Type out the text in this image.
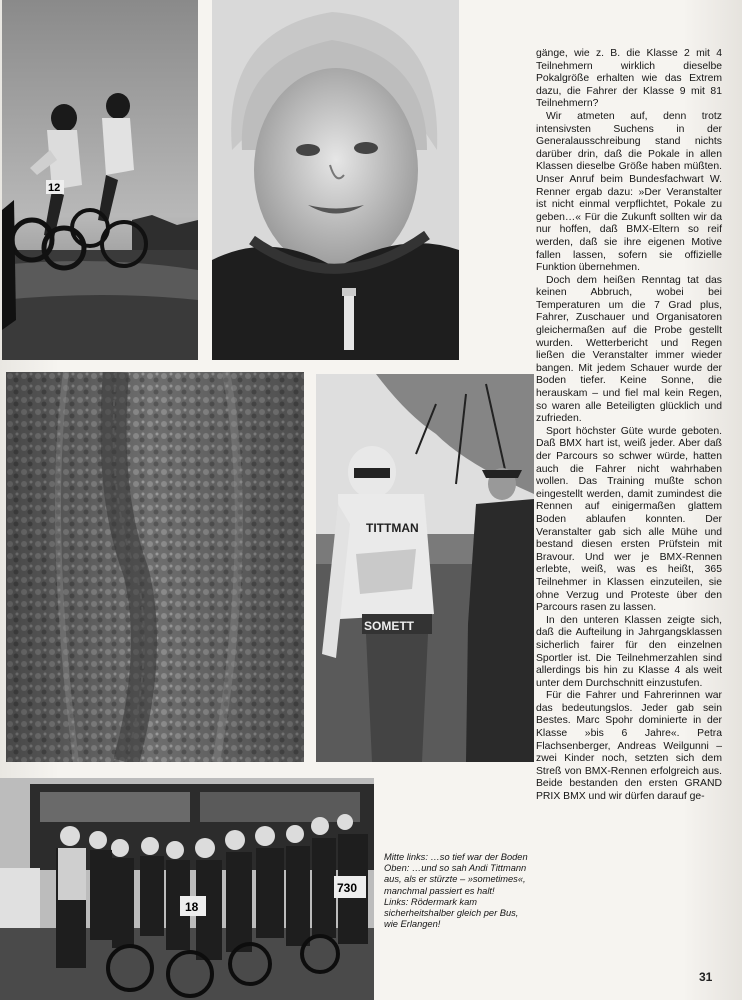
12
TITTMAN
SOMETT
18
730

gänge, wie z. B. die Klasse 2 mit 4 Teilnehmern wirklich dieselbe Pokalgröße erhalten wie das Extrem dazu, die Fahrer der Klasse 9 mit 81 Teilnehmern?

Wir atmeten auf, denn trotz intensivsten Suchens in der Generalausschreibung stand nichts darüber drin, daß die Pokale in allen Klassen dieselbe Größe haben müßten. Unser Anruf beim Bundesfachwart W. Renner ergab dazu: »Der Veranstalter ist nicht einmal verpflichtet, Pokale zu geben…« Für die Zukunft sollten wir da nur hoffen, daß BMX-Eltern so reif werden, daß sie ihre eigenen Motive fallen lassen, sofern sie offizielle Funktion übernehmen.

Doch dem heißen Renntag tat das keinen Abbruch, wobei bei Temperaturen um die 7 Grad plus, Fahrer, Zuschauer und Organisatoren gleichermaßen auf die Probe gestellt wurden. Wetterbericht und Regen ließen die Veranstalter immer wieder bangen. Mit jedem Schauer wurde der Boden tiefer. Keine Sonne, die herauskam – und fiel mal kein Regen, so waren alle Beteiligten glücklich und zufrieden.

Sport höchster Güte wurde geboten. Daß BMX hart ist, weiß jeder. Aber daß der Parcours so schwer würde, hatten auch die Fahrer nicht wahrhaben wollen. Das Training mußte schon eingestellt werden, damit zumindest die Rennen auf einigermaßen glattem Boden ablaufen konnten. Der Veranstalter gab sich alle Mühe und bestand diesen ersten Prüfstein mit Bravour. Und wer je BMX-Rennen erlebte, weiß, was es heißt, 365 Teilnehmer in Klassen einzuteilen, sie ohne Verzug und Proteste über den Parcours rasen zu lassen.

In den unteren Klassen zeigte sich, daß die Aufteilung in Jahrgangsklassen sicherlich fairer für den einzelnen Sportler ist. Die Teilnehmerzahlen sind allerdings bis hin zu Klasse 4 als weit unter dem Durchschnitt einzustufen.

Für die Fahrer und Fahrerinnen war das bedeutungslos. Jeder gab sein Bestes. Marc Spohr dominierte in der Klasse »bis 6 Jahre«. Petra Flachsenberger, Andreas Weilgunni – zwei Kinder noch, setzten sich dem Streß von BMX-Rennen erfolgreich aus. Beide bestanden den ersten GRAND PRIX BMX und wir dürfen darauf ge-

Mitte links: …so tief war der Boden
Oben: …und so sah Andi Tittmann aus, als er stürzte – »sometimes«, manchmal passiert es halt!
Links: Rödermark kam sicherheitshalber gleich per Bus, wie Erlangen!
31
